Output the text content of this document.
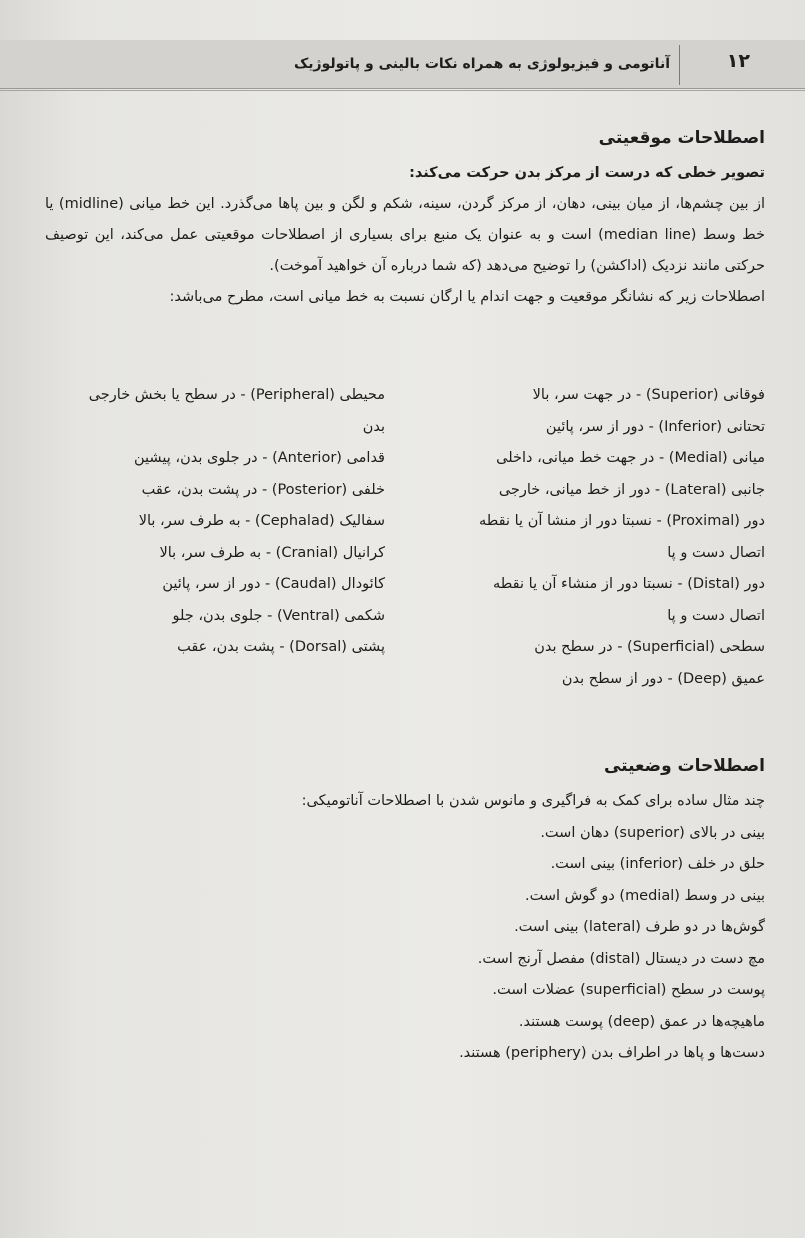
۱۲
آناتومی و فیزیولوژی به همراه نکات بالینی و پاتولوژیک
اصطلاحات موقعیتی

تصویر خطی که درست از مرکز بدن حرکت می‌کند:

از بین چشم‌ها، از میان بینی، دهان، از مرکز گردن، سینه، شکم و لگن و بین پاها می‌گذرد. این خط میانی (midline) یا خط وسط (median line) است و به عنوان یک منبع برای بسیاری از اصطلاحات موقعیتی عمل می‌کند، این توصیف حرکتی مانند نزدیک (اداکشن) را توضیح می‌دهد (که شما درباره آن خواهید آموخت).

اصطلاحات زیر که نشانگر موقعیت و جهت اندام یا ارگان نسبت به خط میانی است، مطرح می‌باشد:

فوقانی (Superior) - در جهت سر، بالا
تحتانی (Inferior) - دور از سر، پائین
میانی (Medial) - در جهت خط میانی، داخلی
جانبی (Lateral) - دور از خط میانی، خارجی
دور (Proximal) - نسبتا دور از منشا آن یا نقطه
اتصال دست و پا
دور (Distal) - نسبتا دور از منشاء آن یا نقطه
اتصال دست و پا
سطحی (Superficial) - در سطح بدن
عمیق (Deep) - دور از سطح بدن
محیطی (Peripheral) - در سطح یا بخش خارجی
بدن
قدامی (Anterior) - در جلوی بدن، پیشین
خلفی (Posterior) - در پشت بدن، عقب
سفالیک (Cephalad) - به طرف سر، بالا
کرانیال (Cranial) - به طرف سر، بالا
کائودال (Caudal) - دور از سر، پائین
شکمی (Ventral) - جلوی بدن، جلو
پشتی (Dorsal) - پشت بدن، عقب
اصطلاحات وضعیتی
چند مثال ساده برای کمک به فراگیری و مانوس شدن با اصطلاحات آناتومیکی:
بینی در بالای (superior) دهان است.
حلق در خلف (inferior) بینی است.
بینی در وسط (medial) دو گوش است.
گوش‌ها در دو طرف (lateral) بینی است.
مچ دست در دیستال (distal) مفصل آرنج است.
پوست در سطح (superficial) عضلات است.
ماهیچه‌ها در عمق (deep) پوست هستند.
دست‌ها و پاها در اطراف بدن (periphery) هستند.
